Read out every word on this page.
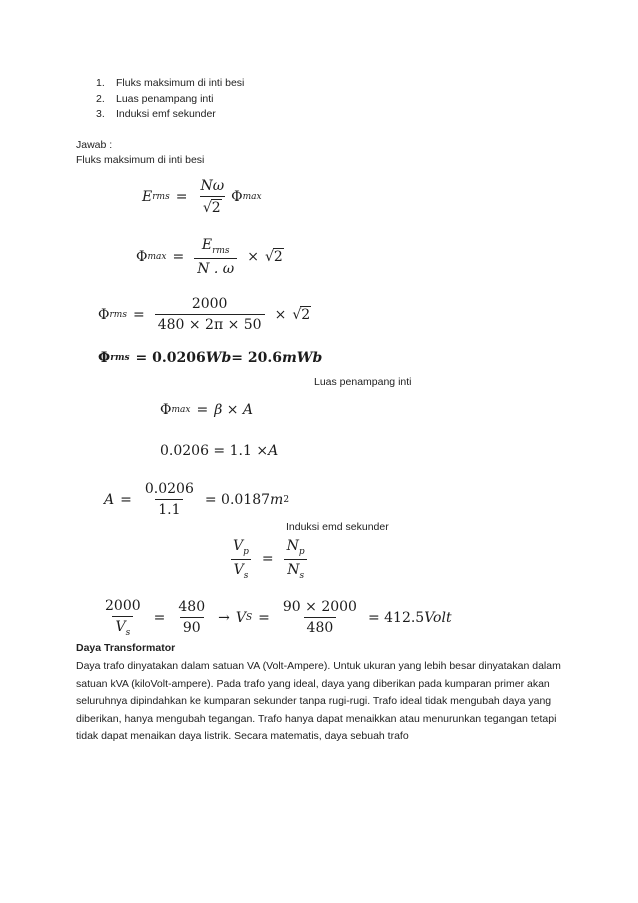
1.	Fluks maksimum di inti besi
2.	Luas penampang inti
3.	Induksi emf sekunder
Jawab :
Fluks maksimum di inti besi
E rms = $\frac{N\omega}{√ 2}$ Φ max
Φ $\max = \frac{E_{rms}}{N . \omega}$ × √ 2
Φ rms = $\frac{2000}{480 \times 2\pi \times 50}$ × √ 2
Φ rms = 0.0206 Wb = 20.6 mWb
Luas penampang inti
Φ max = β × A
0.0206 = 1.1 × A
$A = \frac{0.0206}{1.1} = 0.0187$ m 2
Induksi emd sekunder
$\frac{V_p}{V_s} = \frac{N_p}{N_s}$
$\frac{2000}{V_s} = \frac{480}{90} \to V$ $S = \frac{90 \times 2000}{480} = 412.5$ Volt
Daya Transformator
Daya trafo dinyatakan dalam satuan VA (Volt-Ampere). Untuk ukuran yang lebih besar dinyatakan dalam satuan kVA (kiloVolt-ampere). Pada trafo yang ideal, daya yang diberikan pada kumparan primer akan seluruhnya dipindahkan ke kumparan sekunder tanpa rugi-rugi. Trafo ideal tidak mengubah daya yang diberikan, hanya mengubah tegangan. Trafo hanya dapat menaikkan atau menurunkan tegangan tetapi tidak dapat menaikan daya listrik. Secara matematis, daya sebuah trafo
